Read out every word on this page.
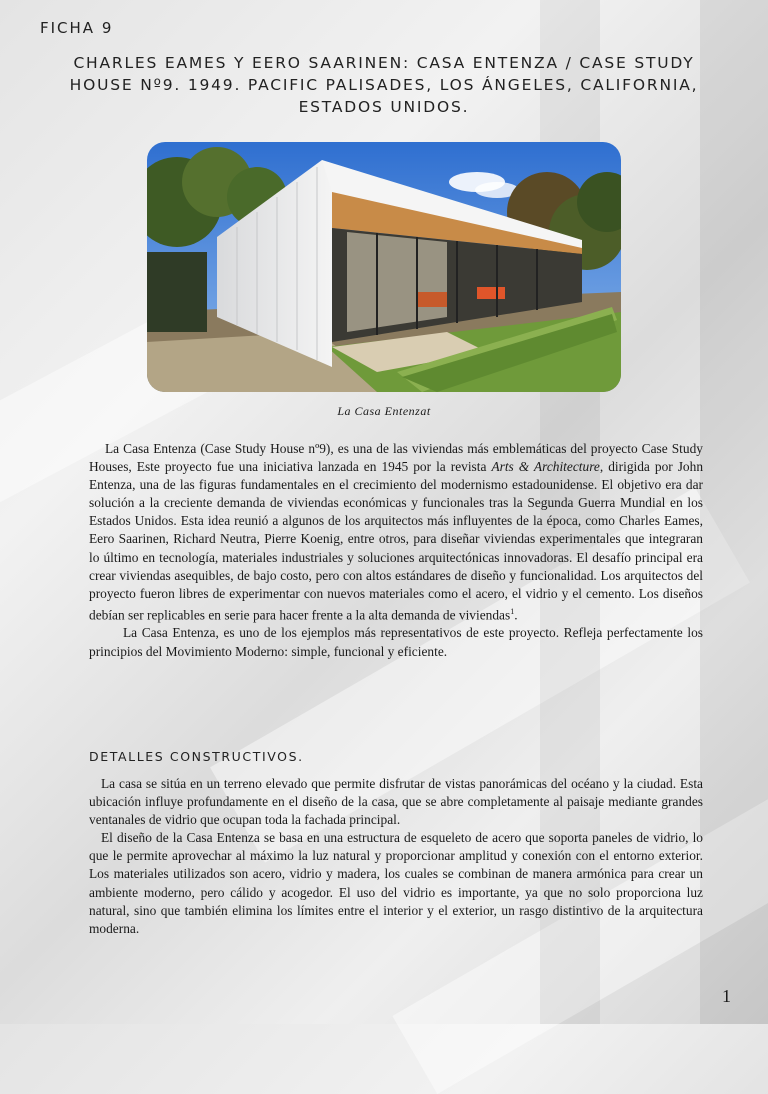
FICHA 9
CHARLES EAMES Y EERO SAARINEN: CASA ENTENZA / CASE STUDY HOUSE Nº9. 1949. PACIFIC PALISADES, LOS ÁNGELES, CALIFORNIA, ESTADOS UNIDOS.
La Casa Entenzat

La Casa Entenza (Case Study House nº9), es una de las viviendas más emblemáticas del proyecto Case Study Houses, Este proyecto fue una iniciativa lanzada en 1945 por la revista Arts & Architecture, dirigida por John Entenza, una de las figuras fundamentales en el crecimiento del modernismo estadounidense. El objetivo era dar solución a la creciente demanda de viviendas económicas y funcionales tras la Segunda Guerra Mundial en los Estados Unidos. Esta idea reunió a algunos de los arquitectos más influyentes de la época, como Charles Eames, Eero Saarinen, Richard Neutra, Pierre Koenig, entre otros, para diseñar viviendas experimentales que integraran lo último en tecnología, materiales industriales y soluciones arquitectónicas innovadoras. El desafío principal era crear viviendas asequibles, de bajo costo, pero con altos estándares de diseño y funcionalidad. Los arquitectos del proyecto fueron libres de experimentar con nuevos materiales como el acero, el vidrio y el cemento. Los diseños debían ser replicables en serie para hacer frente a la alta demanda de viviendas$^1$.

La Casa Entenza, es uno de los ejemplos más representativos de este proyecto. Refleja perfectamente los principios del Movimiento Moderno: simple, funcional y eficiente.

DETALLES CONSTRUCTIVOS.

La casa se sitúa en un terreno elevado que permite disfrutar de vistas panorámicas del océano y la ciudad. Esta ubicación influye profundamente en el diseño de la casa, que se abre completamente al paisaje mediante grandes ventanales de vidrio que ocupan toda la fachada principal.

El diseño de la Casa Entenza se basa en una estructura de esqueleto de acero que soporta paneles de vidrio, lo que le permite aprovechar al máximo la luz natural y proporcionar amplitud y conexión con el entorno exterior. Los materiales utilizados son acero, vidrio y madera, los cuales se combinan de manera armónica para crear un ambiente moderno, pero cálido y acogedor. El uso del vidrio es importante, ya que no solo proporciona luz natural, sino que también elimina los límites entre el interior y el exterior, un rasgo distintivo de la arquitectura moderna.

1
